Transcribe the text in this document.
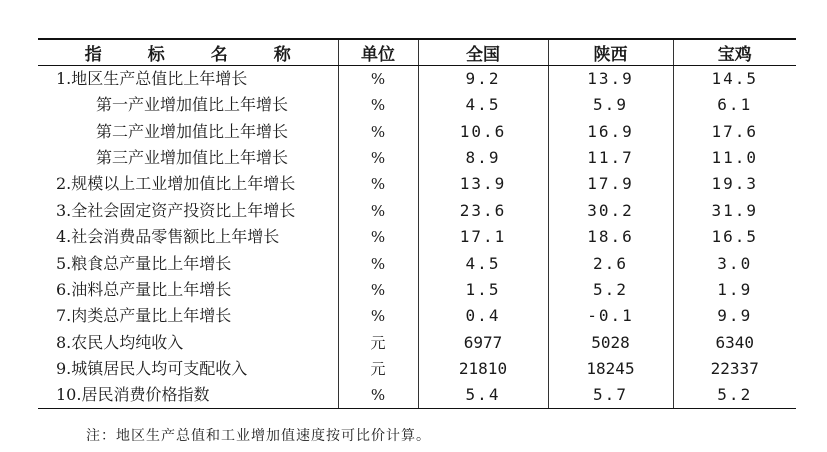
指 标 名 称	单位	全国	陕西	宝鸡
1.地区生产总值比上年增长	%	9.2	13.9	14.5
第一产业增加值比上年增长	%	4.5	5.9	6.1
第二产业增加值比上年增长	%	10.6	16.9	17.6
第三产业增加值比上年增长	%	8.9	11.7	11.0
2.规模以上工业增加值比上年增长	%	13.9	17.9	19.3
3.全社会固定资产投资比上年增长	%	23.6	30.2	31.9
4.社会消费品零售额比上年增长	%	17.1	18.6	16.5
5.粮食总产量比上年增长	%	4.5	2.6	3.0
6.油料总产量比上年增长	%	1.5	5.2	1.9
7.肉类总产量比上年增长	%	0.4	-0.1	9.9
8.农民人均纯收入	元	6977	5028	6340
9.城镇居民人均可支配收入	元	21810	18245	22337
10.居民消费价格指数	%	5.4	5.7	5.2
注：地区生产总值和工业增加值速度按可比价计算。
